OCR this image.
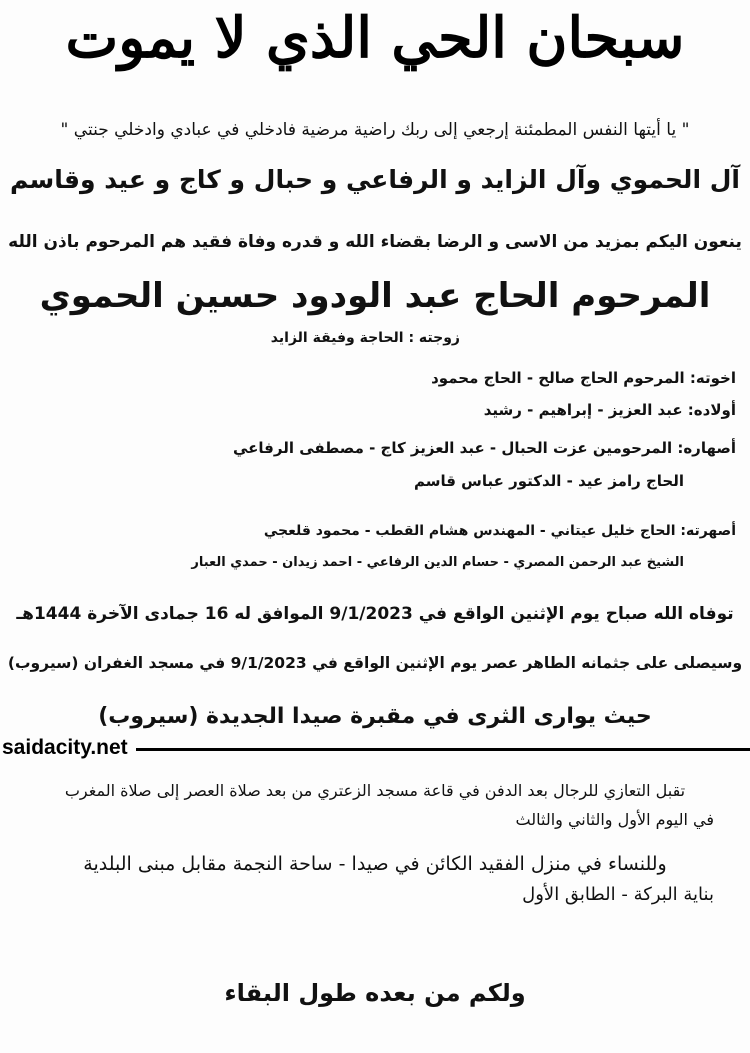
سبحان الحي الذي لا يموت

" يا أيتها النفس المطمئنة إرجعي إلى ربك راضية مرضية فادخلي في عبادي وادخلي جنتي "

آل الحموي وآل الزايد و الرفاعي و حبال و كاج و عيد وقاسم

ينعون اليكم بمزيد من الاسى و الرضا بقضاء الله و قدره وفاة فقيد هم المرحوم باذن الله

المرحوم الحاج عبد الودود حسين الحموي

زوجته : الحاجة وفيقة الزايد

اخوته: المرحوم الحاج صالح - الحاج محمود

أولاده: عبد العزيز - إبراهيم - رشيد

أصهاره: المرحومين عزت الحبال - عبد العزيز كاج - مصطفى الرفاعي

الحاج رامز عيد - الدكتور عباس قاسم

أصهرته: الحاج خليل عيتاني - المهندس هشام القطب - محمود قلعجي

الشيخ عبد الرحمن المصري - حسام الدين الرفاعي - احمد زيدان - حمدي العبار

توفاه الله صباح يوم الإثنين الواقع في 9/1/2023 الموافق له 16 جمادى الآخرة 1444هـ

وسيصلى على جثمانه الطاهر عصر يوم الإثنين الواقع في 9/1/2023 في مسجد الغفران (سيروب)

حيث يوارى الثرى في مقبرة صيدا الجديدة (سيروب)

saidacity.net

تقبل التعازي للرجال بعد الدفن في قاعة مسجد الزعتري من بعد صلاة العصر إلى صلاة المغرب

في اليوم الأول والثاني والثالث

وللنساء في منزل الفقيد الكائن في صيدا - ساحة النجمة مقابل مبنى البلدية

بناية البركة - الطابق الأول

ولكم من بعده طول البقاء
